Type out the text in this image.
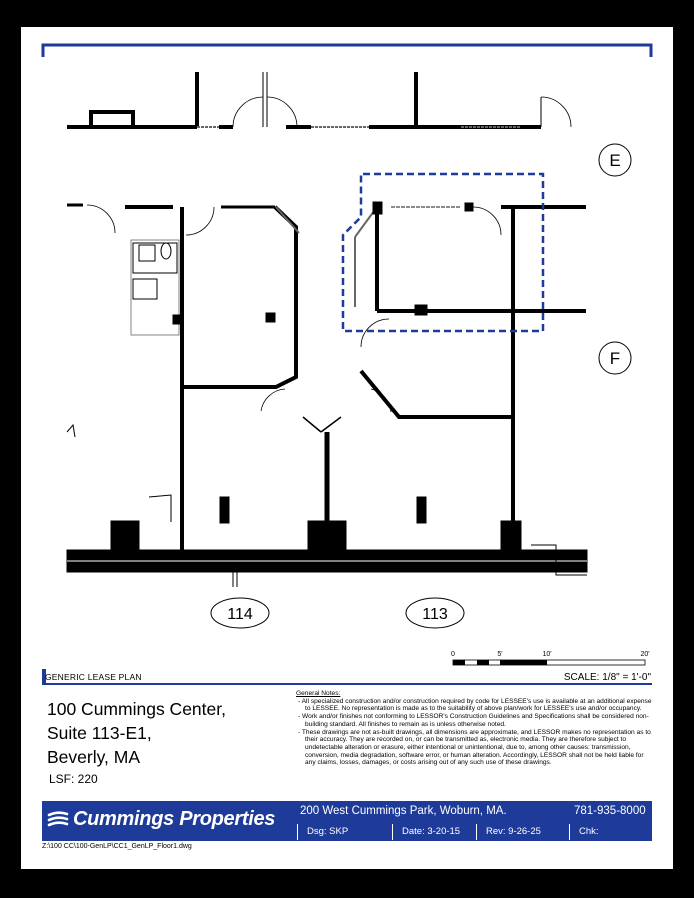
E
F
114	113
0	5'	10'	20'
GENERIC LEASE PLAN	SCALE: 1/8" = 1'-0"
100 Cummings Center,
Suite 113-E1,
Beverly, MA
LSF: 220
General Notes:
- All specialized construction and/or construction required by code for LESSEE's use is available at an additional expense to LESSEE. No representation is made as to the suitability of above plan/work for LESSEE's use and/or occupancy.
- Work and/or finishes not conforming to LESSOR's Construction Guidelines and Specifications shall be considered non-building standard. All finishes to remain as is unless otherwise noted.
- These drawings are not as-built drawings, all dimensions are approximate, and LESSOR makes no representation as to their accuracy. They are recorded on, or can be transmitted as, electronic media. They are therefore subject to undetectable alteration or erasure, either intentional or unintentional, due to, among other causes: transmission, conversion, media degradation, software error, or human alteration. Accordingly, LESSOR shall not be held liable for any claims, losses, damages, or costs arising out of any such use of these drawings.
Cummings Properties 200 West Cummings Park, Woburn, MA.	781-935-8000
Dsg: SKP	Date: 3-20-15	Rev: 9-26-25	Chk:
Z:\100 CC\100-GenLP\CC1_GenLP_Floor1.dwg
